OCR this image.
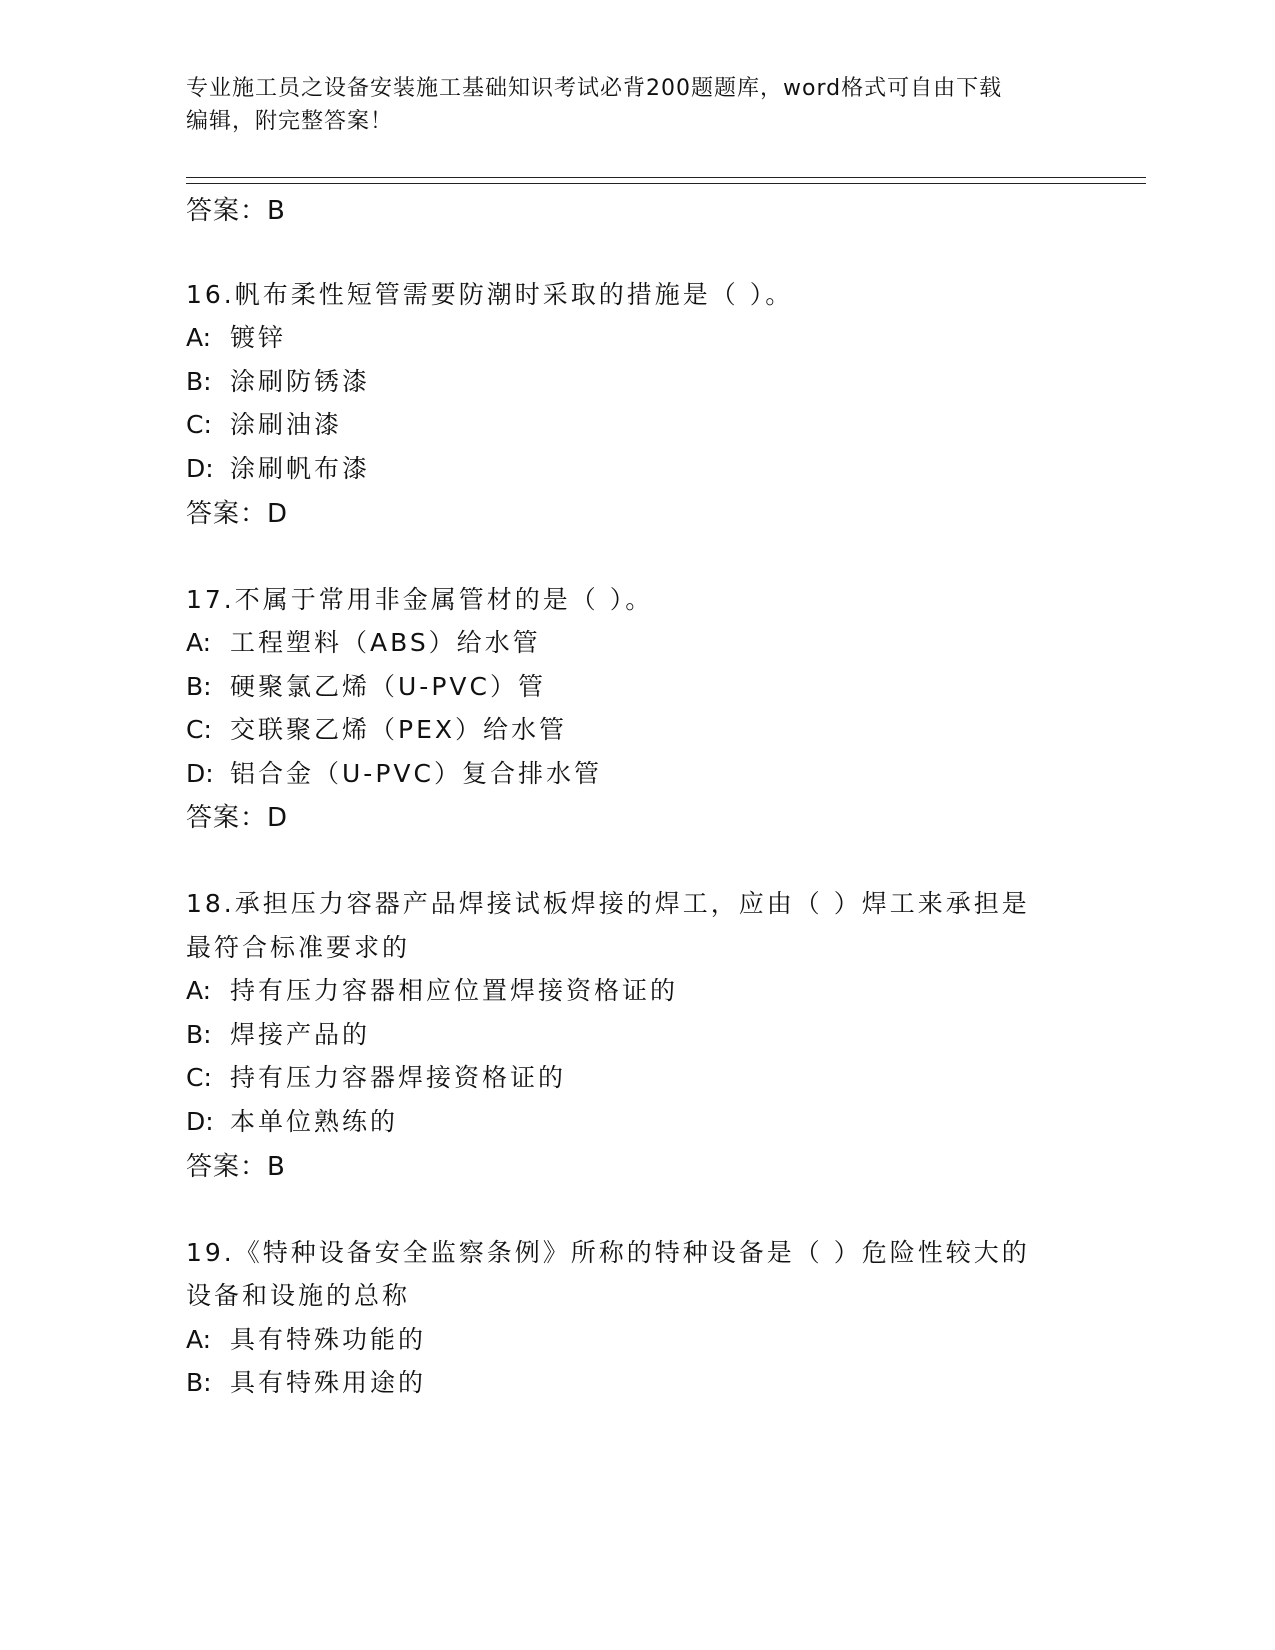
专业施工员之设备安装施工基础知识考试必背200题题库，word格式可自由下载
编辑，附完整答案！
答案：B
16.帆布柔性短管需要防潮时采取的措施是（ ）。
A: 镀锌
B: 涂刷防锈漆
C: 涂刷油漆
D: 涂刷帆布漆
答案：D
17.不属于常用非金属管材的是（ ）。
A: 工程塑料（ABS）给水管
B: 硬聚氯乙烯（U-PVC）管
C: 交联聚乙烯（PEX）给水管
D: 铝合金（U-PVC）复合排水管
答案：D
18.承担压力容器产品焊接试板焊接的焊工，应由（ ）焊工来承担是
最符合标准要求的
A: 持有压力容器相应位置焊接资格证的
B: 焊接产品的
C: 持有压力容器焊接资格证的
D: 本单位熟练的
答案：B
19.《特种设备安全监察条例》所称的特种设备是（ ）危险性较大的
设备和设施的总称
A: 具有特殊功能的
B: 具有特殊用途的
